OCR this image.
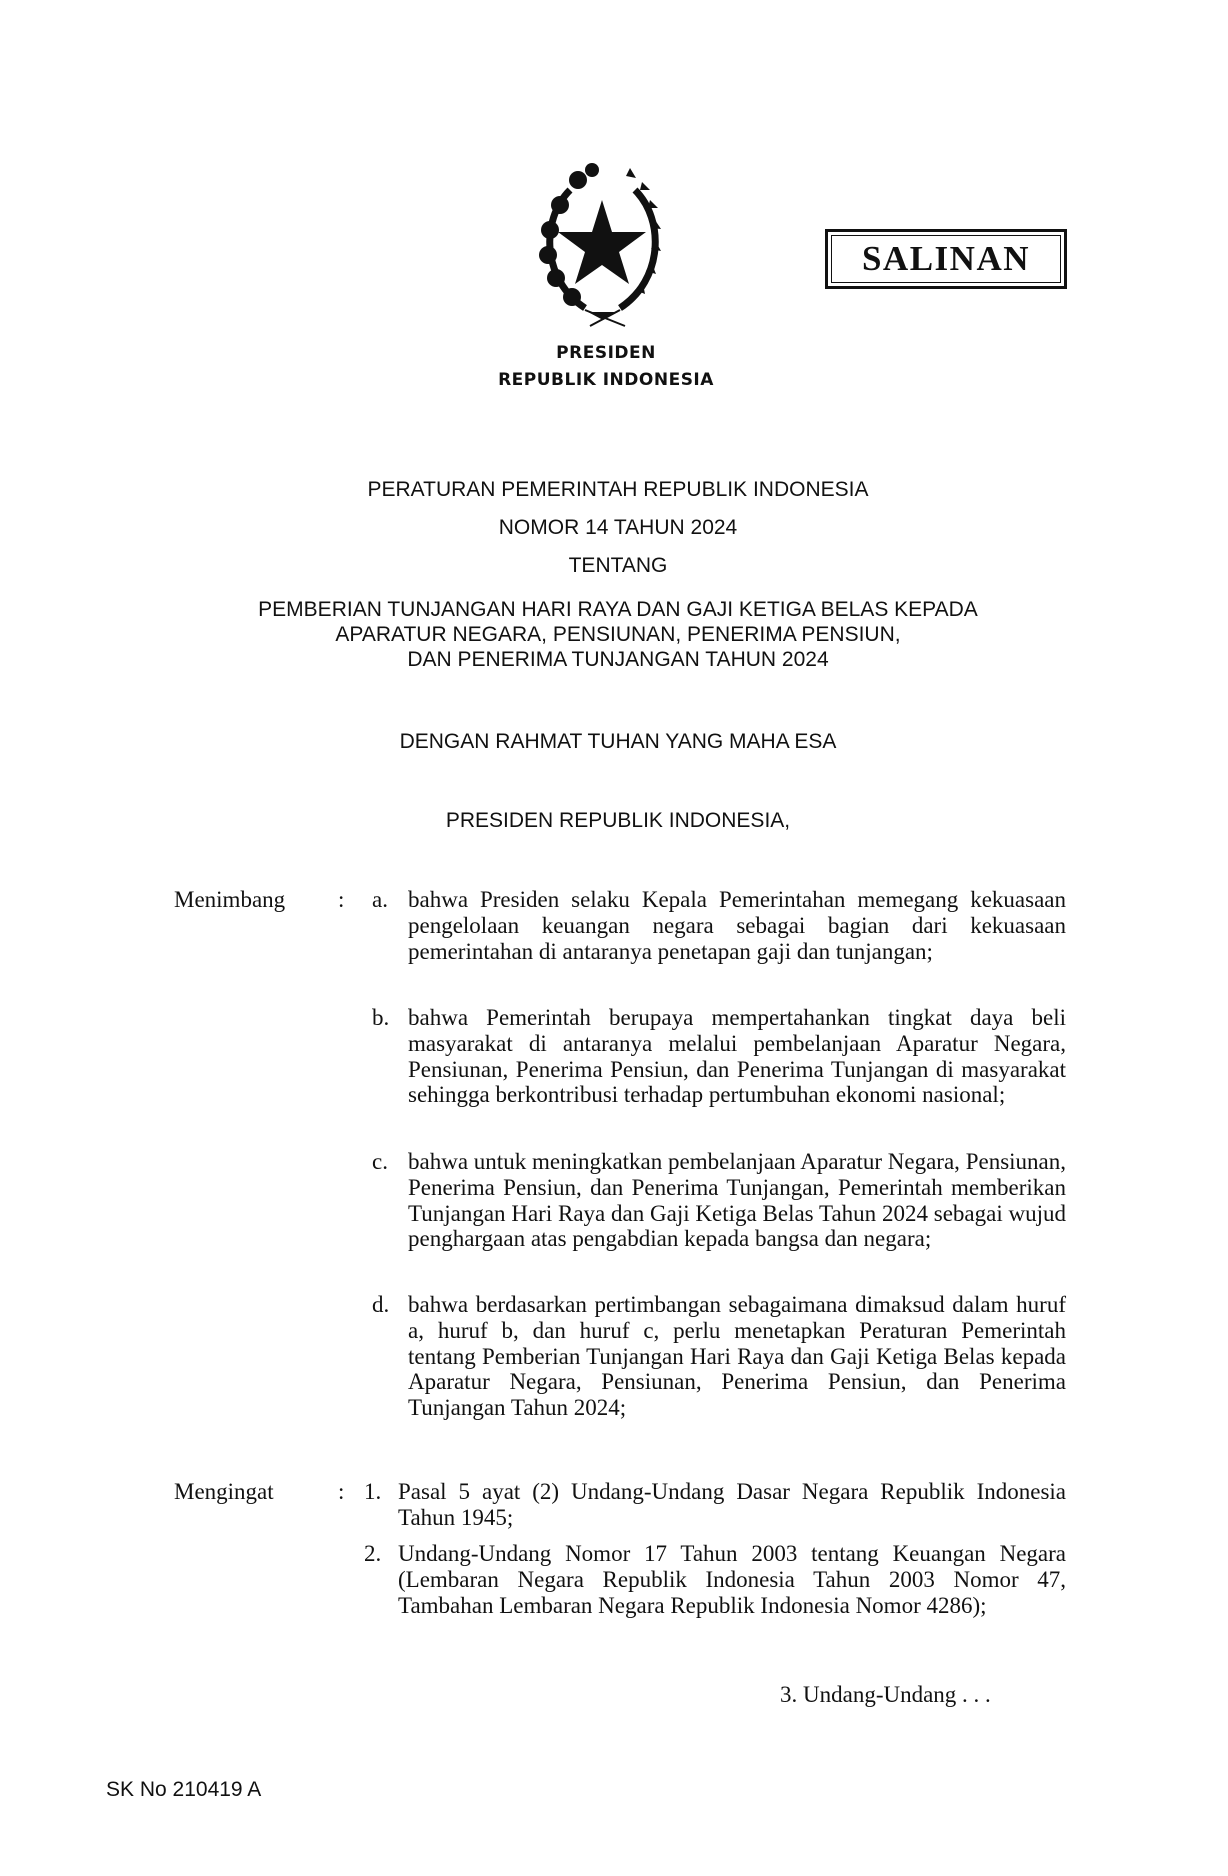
SALINAN
PRESIDEN
REPUBLIK INDONESIA
PERATURAN PEMERINTAH REPUBLIK INDONESIA
NOMOR 14 TAHUN 2024
TENTANG
PEMBERIAN TUNJANGAN HARI RAYA DAN GAJI KETIGA BELAS KEPADA
APARATUR NEGARA, PENSIUNAN, PENERIMA PENSIUN,
DAN PENERIMA TUNJANGAN TAHUN 2024
DENGAN RAHMAT TUHAN YANG MAHA ESA
PRESIDEN REPUBLIK INDONESIA,
Menimbang : a. bahwa Presiden selaku Kepala Pemerintahan memegang kekuasaan pengelolaan keuangan negara sebagai bagian dari kekuasaan pemerintahan di antaranya penetapan gaji dan tunjangan;
b. bahwa Pemerintah berupaya mempertahankan tingkat daya beli masyarakat di antaranya melalui pembelanjaan Aparatur Negara, Pensiunan, Penerima Pensiun, dan Penerima Tunjangan di masyarakat sehingga berkontribusi terhadap pertumbuhan ekonomi nasional;
c. bahwa untuk meningkatkan pembelanjaan Aparatur Negara, Pensiunan, Penerima Pensiun, dan Penerima Tunjangan, Pemerintah memberikan Tunjangan Hari Raya dan Gaji Ketiga Belas Tahun 2024 sebagai wujud penghargaan atas pengabdian kepada bangsa dan negara;
d. bahwa berdasarkan pertimbangan sebagaimana dimaksud dalam huruf a, huruf b, dan huruf c, perlu menetapkan Peraturan Pemerintah tentang Pemberian Tunjangan Hari Raya dan Gaji Ketiga Belas kepada Aparatur Negara, Pensiunan, Penerima Pensiun, dan Penerima Tunjangan Tahun 2024;
Mengingat	: 1. Pasal 5 ayat (2) Undang-Undang Dasar Negara Republik Indonesia Tahun 1945;
2. Undang-Undang Nomor 17 Tahun 2003 tentang Keuangan Negara (Lembaran Negara Republik Indonesia Tahun 2003 Nomor 47, Tambahan Lembaran Negara Republik Indonesia Nomor 4286);
3. Undang-Undang . . .
SK No 210419 A
